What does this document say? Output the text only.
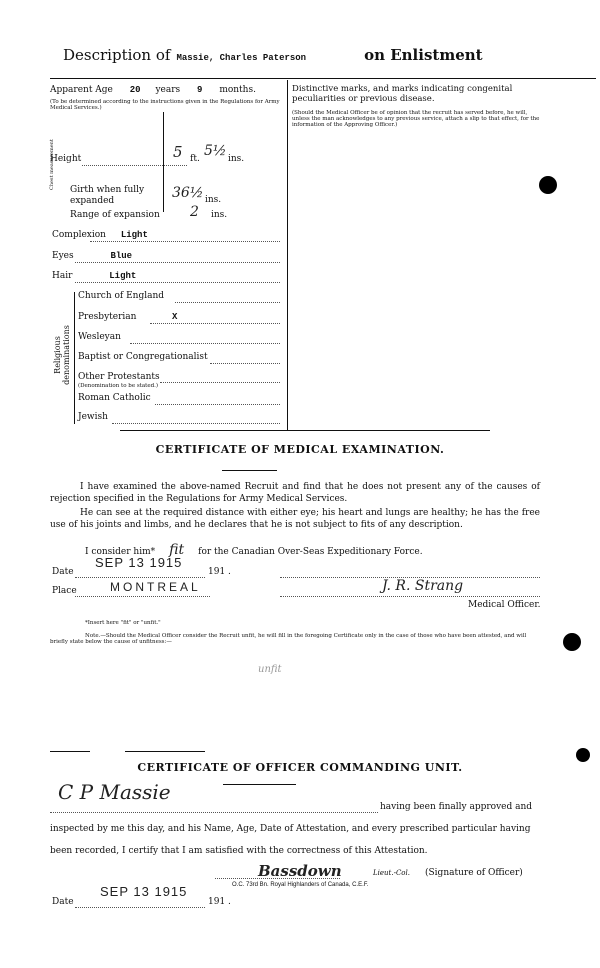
Description of Massie, Charles Paterson	on Enlistment
Apparent Age 20 years 9 months.
(To be determined according to the instructions given in the Regulations for Army Medical Services.)
Height	5 ft. 5½ ins.
Chest measurement Girth when fully expanded	36½ ins.
Range of expansion 2 ins.
Complexion Light
Eyes	Blue
Hair	Light
Religious denominations
Church of England
Presbyterian	X
Wesleyan
Baptist or Congregationalist
Other Protestants
(Denomination to be stated.)
Roman Catholic
Jewish
Distinctive marks, and marks indicating congenital peculiarities or previous disease.
(Should the Medical Officer be of opinion that the recruit has served before, he will, unless the man acknowledges to any previous service, attach a slip to that effect, for the information of the Approving Officer.)
CERTIFICATE OF MEDICAL EXAMINATION.
I have examined the above-named Recruit and find that he does not present any of the causes of rejection specified in the Regulations for Army Medical Services.
He can see at the required distance with either eye; his heart and lungs are healthy; he has the free use of his joints and limbs, and he declares that he is not subject to fits of any description.
I consider him* fit for the Canadian Over-Seas Expeditionary Force.
Date
SEP 13 1915
191 .
Place	MONTREAL	J. R. Strang
Medical Officer.
*Insert here "fit" or "unfit."
Note.—Should the Medical Officer consider the Recruit unfit, he will fill in the foregoing Certificate only in the case of those who have been attested, and will briefly state below the cause of unfitness:—
unfit
CERTIFICATE OF OFFICER COMMANDING UNIT.
C P Massie
having been finally approved and
inspected by me this day, and his Name, Age, Date of Attestation, and every prescribed particular having
been recorded, I certify that I am satisfied with the correctness of this Attestation.
Bassdown	Lieut.-Col. (Signature of Officer)
O.C. 73rd Bn. Royal Highlanders of Canada, C.E.F.
SEP 13 1915
Date	191 .
